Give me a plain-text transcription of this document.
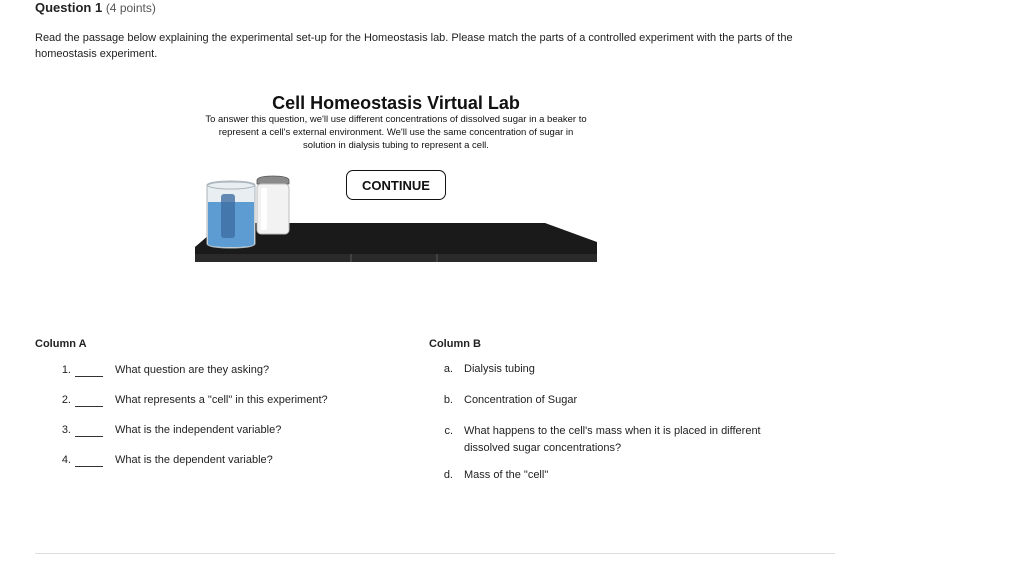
Question 1 (4 points)
Read the passage below explaining the experimental set-up for the Homeostasis lab. Please match the parts of a controlled experiment with the parts of the homeostasis experiment.
Cell Homeostasis Virtual Lab
To answer this question, we'll use different concentrations of dissolved sugar in a beaker to represent a cell's external environment. We'll use the same concentration of sugar in solution in dialysis tubing to represent a cell.
CONTINUE
Column A
1.	What question are they asking?
2.	What represents a "cell" in this experiment?
3.	What is the independent variable?
4.	What is the dependent variable?
Column B
a. Dialysis tubing
b. Concentration of Sugar
c. What happens to the cell's mass when it is placed in different dissolved sugar concentrations?
d. Mass of the "cell"
